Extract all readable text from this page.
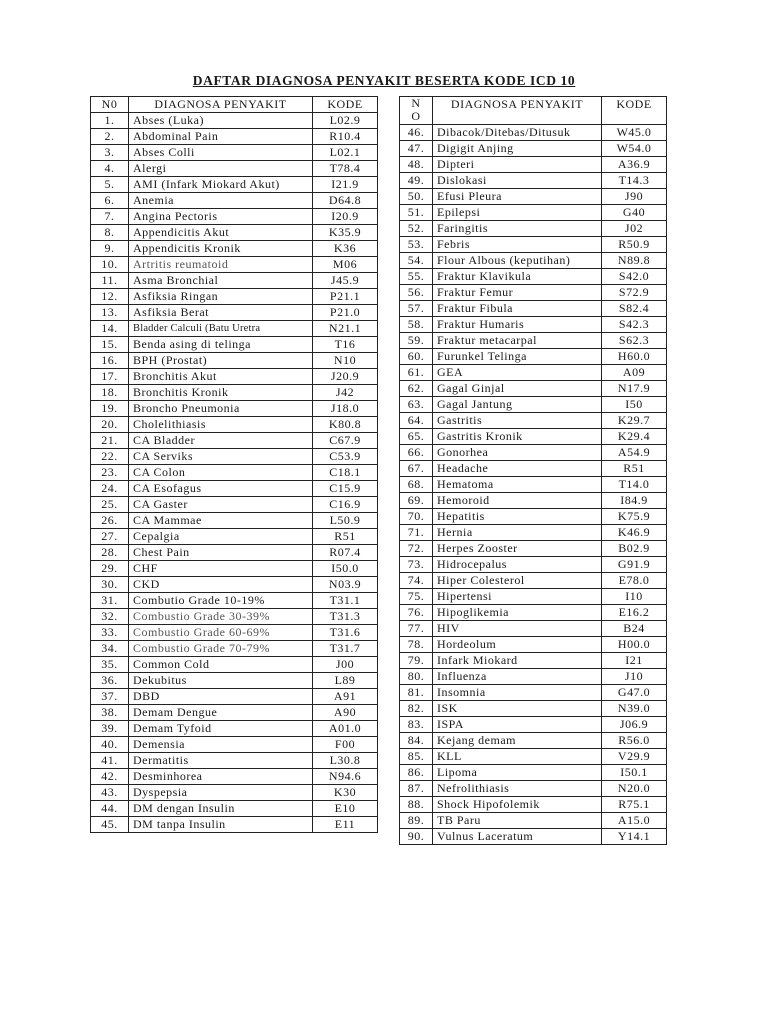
DAFTAR DIAGNOSA PENYAKIT BESERTA KODE ICD 10
N0	DIAGNOSA PENYAKIT	KODE
1.	Abses (Luka)	L02.9
2.	Abdominal Pain	R10.4
3.	Abses Colli	L02.1
4.	Alergi	T78.4
5.	AMI (Infark Miokard Akut)	I21.9
6.	Anemia	D64.8
7.	Angina Pectoris	I20.9
8.	Appendicitis Akut	K35.9
9.	Appendicitis Kronik	K36
10.	Artritis reumatoid	M06
11.	Asma Bronchial	J45.9
12.	Asfiksia Ringan	P21.1
13.	Asfiksia Berat	P21.0
14.	Bladder Calculi (Batu Uretra	N21.1
15.	Benda asing di telinga	T16
16.	BPH (Prostat)	N10
17.	Bronchitis Akut	J20.9
18.	Bronchitis Kronik	J42
19.	Broncho Pneumonia	J18.0
20.	Cholelithiasis	K80.8
21.	CA Bladder	C67.9
22.	CA Serviks	C53.9
23.	CA Colon	C18.1
24.	CA Esofagus	C15.9
25.	CA Gaster	C16.9
26.	CA Mammae	L50.9
27.	Cepalgia	R51
28.	Chest Pain	R07.4
29.	CHF	I50.0
30.	CKD	N03.9
31.	Combutio Grade 10-19%	T31.1
32.	Combustio Grade 30-39%	T31.3
33.	Combustio Grade 60-69%	T31.6
34.	Combustio Grade 70-79%	T31.7
35.	Common Cold	J00
36.	Dekubitus	L89
37.	DBD	A91
38.	Demam Dengue	A90
39.	Demam Tyfoid	A01.0
40.	Demensia	F00
41.	Dermatitis	L30.8
42.	Desminhorea	N94.6
43.	Dyspepsia	K30
44.	DM dengan Insulin	E10
45.	DM tanpa Insulin	E11
N
O	DIAGNOSA PENYAKIT	KODE
46.	Dibacok/Ditebas/Ditusuk	W45.0
47.	Digigit Anjing	W54.0
48.	Dipteri	A36.9
49.	Dislokasi	T14.3
50.	Efusi Pleura	J90
51.	Epilepsi	G40
52.	Faringitis	J02
53.	Febris	R50.9
54.	Flour Albous (keputihan)	N89.8
55.	Fraktur Klavikula	S42.0
56.	Fraktur Femur	S72.9
57.	Fraktur Fibula	S82.4
58.	Fraktur Humaris	S42.3
59.	Fraktur metacarpal	S62.3
60.	Furunkel Telinga	H60.0
61.	GEA	A09
62.	Gagal Ginjal	N17.9
63.	Gagal Jantung	I50
64.	Gastritis	K29.7
65.	Gastritis Kronik	K29.4
66.	Gonorhea	A54.9
67.	Headache	R51
68.	Hematoma	T14.0
69.	Hemoroid	I84.9
70.	Hepatitis	K75.9
71.	Hernia	K46.9
72.	Herpes Zooster	B02.9
73.	Hidrocepalus	G91.9
74.	Hiper Colesterol	E78.0
75.	Hipertensi	I10
76.	Hipoglikemia	E16.2
77.	HIV	B24
78.	Hordeolum	H00.0
79.	Infark Miokard	I21
80.	Influenza	J10
81.	Insomnia	G47.0
82.	ISK	N39.0
83.	ISPA	J06.9
84.	Kejang demam	R56.0
85.	KLL	V29.9
86.	Lipoma	I50.1
87.	Nefrolithiasis	N20.0
88.	Shock Hipofolemik	R75.1
89.	TB Paru	A15.0
90.	Vulnus Laceratum	Y14.1
